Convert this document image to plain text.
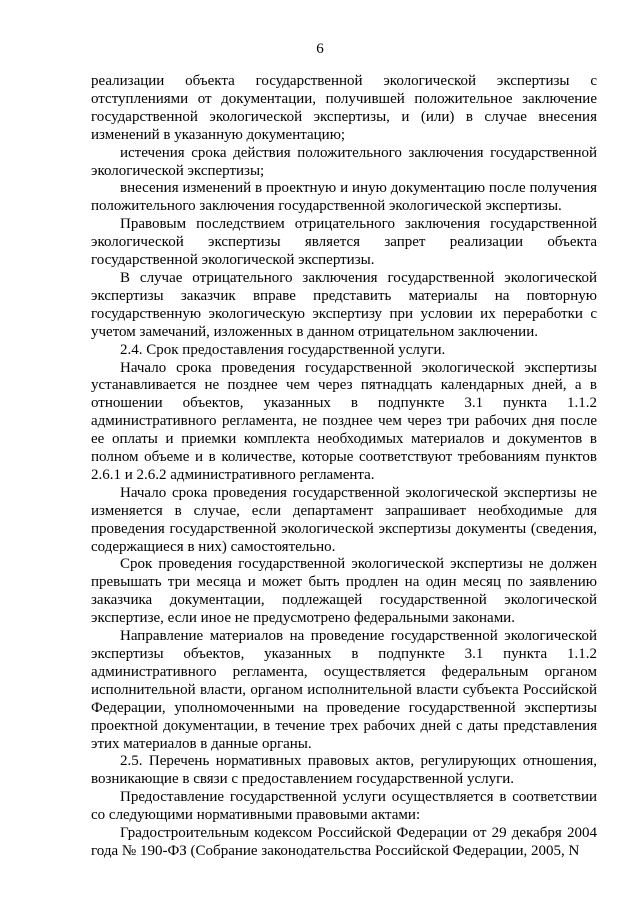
6

реализации объекта государственной экологической экспертизы с отступлениями от документации, получившей положительное заключение государственной экологической экспертизы, и (или) в случае внесения изменений в указанную документацию;

истечения срока действия положительного заключения государственной экологической экспертизы;

внесения изменений в проектную и иную документацию после получения положительного заключения государственной экологической экспертизы.

Правовым последствием отрицательного заключения государственной экологической экспертизы является запрет реализации объекта государственной экологической экспертизы.

В случае отрицательного заключения государственной экологической экспертизы заказчик вправе представить материалы на повторную государственную экологическую экспертизу при условии их переработки с учетом замечаний, изложенных в данном отрицательном заключении.

2.4. Срок предоставления государственной услуги.

Начало срока проведения государственной экологической экспертизы устанавливается не позднее чем через пятнадцать календарных дней, а в отношении объектов, указанных в подпункте 3.1 пункта 1.1.2 административного регламента, не позднее чем через три рабочих дня после ее оплаты и приемки комплекта необходимых материалов и документов в полном объеме и в количестве, которые соответствуют требованиям пунктов 2.6.1 и 2.6.2 административного регламента.

Начало срока проведения государственной экологической экспертизы не изменяется в случае, если департамент запрашивает необходимые для проведения государственной экологической экспертизы документы (сведения, содержащиеся в них) самостоятельно.

Срок проведения государственной экологической экспертизы не должен превышать три месяца и может быть продлен на один месяц по заявлению заказчика документации, подлежащей государственной экологической экспертизе, если иное не предусмотрено федеральными законами.

Направление материалов на проведение государственной экологической экспертизы объектов, указанных в подпункте 3.1 пункта 1.1.2 административного регламента, осуществляется федеральным органом исполнительной власти, органом исполнительной власти субъекта Российской Федерации, уполномоченными на проведение государственной экспертизы проектной документации, в течение трех рабочих дней с даты представления этих материалов в данные органы.

2.5. Перечень нормативных правовых актов, регулирующих отношения, возникающие в связи с предоставлением государственной услуги.

Предоставление государственной услуги осуществляется в соответствии со следующими нормативными правовыми актами:

Градостроительным кодексом Российской Федерации от 29 декабря 2004 года № 190-ФЗ (Собрание законодательства Российской Федерации, 2005, N
